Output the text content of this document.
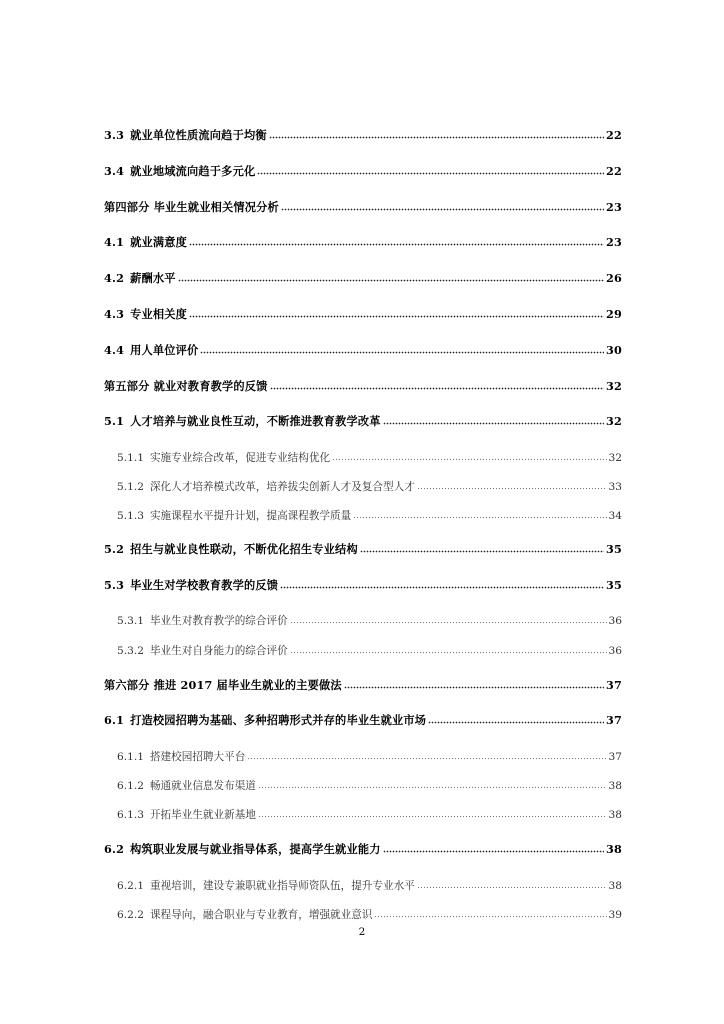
3.3 就业单位性质流向趋于均衡	22
3.4 就业地域流向趋于多元化	22
第四部分 毕业生就业相关情况分析	23
4.1 就业满意度	23
4.2 薪酬水平	26
4.3 专业相关度	29
4.4 用人单位评价	30
第五部分 就业对教育教学的反馈	32
5.1 人才培养与就业良性互动，不断推进教育教学改革	32
5.1.1 实施专业综合改革，促进专业结构优化	32
5.1.2 深化人才培养模式改革，培养拔尖创新人才及复合型人才	33
5.1.3 实施课程水平提升计划，提高课程教学质量	34
5.2 招生与就业良性联动，不断优化招生专业结构	35
5.3 毕业生对学校教育教学的反馈	35
5.3.1 毕业生对教育教学的综合评价	36
5.3.2 毕业生对自身能力的综合评价	36
第六部分 推进 2017 届毕业生就业的主要做法	37
6.1 打造校园招聘为基础、多种招聘形式并存的毕业生就业市场	37
6.1.1 搭建校园招聘大平台	37
6.1.2 畅通就业信息发布渠道	38
6.1.3 开拓毕业生就业新基地	38
6.2 构筑职业发展与就业指导体系，提高学生就业能力	38
6.2.1 重视培训，建设专兼职就业指导师资队伍，提升专业水平	38
6.2.2 课程导向，融合职业与专业教育，增强就业意识	39
2
